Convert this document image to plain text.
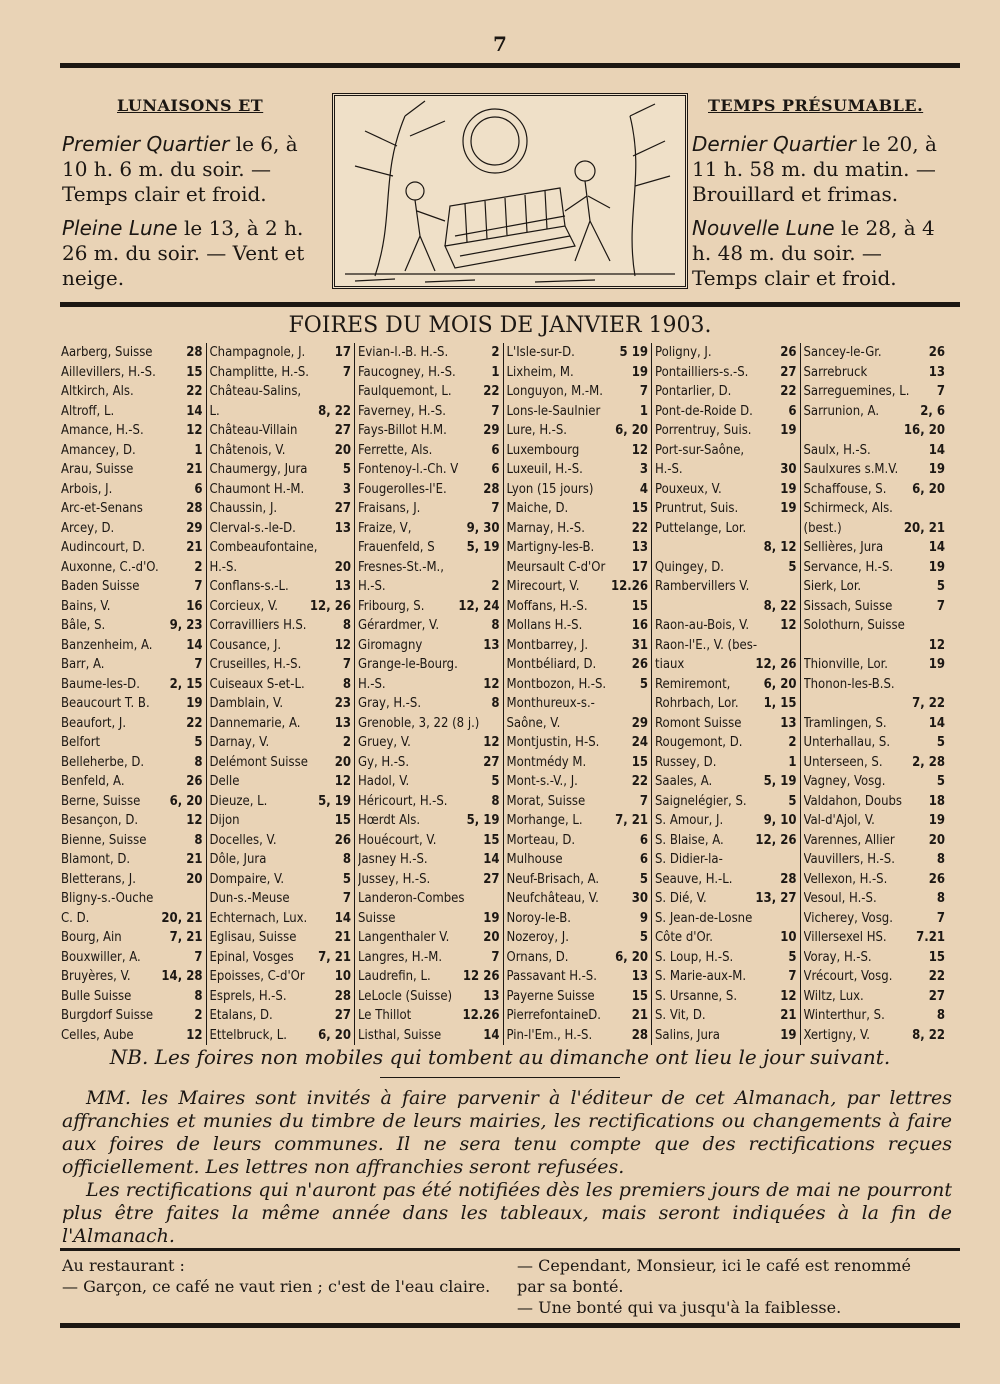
7
LUNAISONS ET	TEMPS PRÉSUMABLE.
Premier Quartier le 6, à 10 h. 6 m. du soir. — Temps clair et froid.
Pleine Lune le 13, à 2 h. 26 m. du soir. — Vent et neige.
Dernier Quartier le 20, à 11 h. 58 m. du matin. — Brouillard et frimas.
Nouvelle Lune le 28, à 4 h. 48 m. du soir. — Temps clair et froid.
FOIRES DU MOIS DE JANVIER 1903.
Aarberg, Suisse	28
Aillevillers, H.-S.	15
Altkirch, Als.	22
Altroff, L.	14
Amance, H.-S.	12
Amancey, D.	1
Arau, Suisse	21
Arbois, J.	6
Arc-et-Senans	28
Arcey, D.	29
Audincourt, D.	21
Auxonne, C.-d'O.	2
Baden Suisse	7
Bains, V.	16
Bâle, S.	9, 23
Banzenheim, A.	14
Barr, A.	7
Baume-les-D.	2, 15
Beaucourt T. B.	19
Beaufort, J.	22
Belfort	5
Belleherbe, D.	8
Benfeld, A.	26
Berne, Suisse	6, 20
Besançon, D.	12
Bienne, Suisse	8
Blamont, D.	21
Bletterans, J.	20
Bligny-s.-Ouche
C. D.	20, 21
Bourg, Ain	7, 21
Bouxwiller, A.	7
Bruyères, V.	14, 28
Bulle Suisse	8
Burgdorf Suisse	2
Celles, Aube	12
Champagnole, J.	17
Champlitte, H.-S.	7
Château-Salins,
L.	8, 22
Château-Villain	27
Châtenois, V.	20
Chaumergy, Jura	5
Chaumont H.-M.	3
Chaussin, J.	27
Clerval-s.-le-D.	13
Combeaufontaine,
H.-S.	20
Conflans-s.-L.	13
Corcieux, V.	12, 26
Corravilliers H.S.	8
Cousance, J.	12
Cruseilles, H.-S.	7
Cuiseaux S-et-L.	8
Damblain, V.	23
Dannemarie, A.	13
Darnay, V.	2
Delémont Suisse	20
Delle	12
Dieuze, L.	5, 19
Dijon	15
Docelles, V.	26
Dôle, Jura	8
Dompaire, V.	5
Dun-s.-Meuse	7
Echternach, Lux.	14
Eglisau, Suisse	21
Epinal, Vosges	7, 21
Epoisses, C-d'Or	10
Esprels, H.-S.	28
Etalans, D.	27
Ettelbruck, L.	6, 20
Evian-l.-B. H.-S.	2
Faucogney, H.-S.	1
Faulquemont, L.	22
Faverney, H.-S.	7
Fays-Billot H.M.	29
Ferrette, Als.	6
Fontenoy-l.-Ch. V	6
Fougerolles-l'E.	28
Fraisans, J.	7
Fraize, V,	9, 30
Frauenfeld, S	5, 19
Fresnes-St.-M.,
H.-S.	2
Fribourg, S.	12, 24
Gérardmer, V.	8
Giromagny	13
Grange-le-Bourg.
H.-S.	12
Gray, H.-S.	8
Grenoble, 3, 22 (8 j.)
Gruey, V.	12
Gy, H.-S.	27
Hadol, V.	5
Héricourt, H.-S.	8
Hœrdt Als.	5, 19
Houécourt, V.	15
Jasney H.-S.	14
Jussey, H.-S.	27
Landeron-Combes
Suisse	19
Langenthaler V.	20
Langres, H.-M.	7
Laudrefin, L.	12 26
LeLocle (Suisse)	13
Le Thillot	12.26
Listhal, Suisse	14
L'Isle-sur-D.	5 19
Lixheim, M.	19
Longuyon, M.-M.	7
Lons-le-Saulnier	1
Lure, H.-S.	6, 20
Luxembourg	12
Luxeuil, H.-S.	3
Lyon (15 jours)	4
Maiche, D.	15
Marnay, H.-S.	22
Martigny-les-B.	13
Meursault C-d'Or	17
Mirecourt, V.	12.26
Moffans, H.-S.	15
Mollans H.-S.	16
Montbarrey, J.	31
Montbéliard, D.	26
Montbozon, H.-S.	5
Monthureux-s.-
Saône, V.	29
Montjustin, H-S.	24
Montmédy M.	15
Mont-s.-V., J.	22
Morat, Suisse	7
Morhange, L.	7, 21
Morteau, D.	6
Mulhouse	6
Neuf-Brisach, A.	5
Neufchâteau, V.	30
Noroy-le-B.	9
Nozeroy, J.	5
Ornans, D.	6, 20
Passavant H.-S.	13
Payerne Suisse	15
PierrefontaineD.	21
Pin-l'Em., H.-S.	28
Poligny, J.	26
Pontailliers-s.-S.	27
Pontarlier, D.	22
Pont-de-Roide D.	6
Porrentruy, Suis.	19
Port-sur-Saône,
H.-S.	30
Pouxeux, V.	19
Pruntrut, Suis.	19
Puttelange, Lor.
8, 12
Quingey, D.	5
Rambervillers V.
8, 22
Raon-au-Bois, V.	12
Raon-l'E., V. (bes-
tiaux	12, 26
Remiremont,	6, 20
Rohrbach, Lor.	1, 15
Romont Suisse	13
Rougemont, D.	2
Russey, D.	1
Saales, A.	5, 19
Saignelégier, S.	5
S. Amour, J.	9, 10
S. Blaise, A.	12, 26
S. Didier-la-
Seauve, H.-L.	28
S. Dié, V.	13, 27
S. Jean-de-Losne
Côte d'Or.	10
S. Loup, H.-S.	5
S. Marie-aux-M.	7
S. Ursanne, S.	12
S. Vit, D.	21
Salins, Jura	19
Sancey-le-Gr.	26
Sarrebruck	13
Sarreguemines, L.	7
Sarrunion, A.	2, 6
16, 20
Saulx, H.-S.	14
Saulxures s.M.V.	19
Schaffouse, S.	6, 20
Schirmeck, Als.
(best.)	20, 21
Sellières, Jura	14
Servance, H.-S.	19
Sierk, Lor.	5
Sissach, Suisse	7
Solothurn, Suisse
12
Thionville, Lor.	19
Thonon-les-B.S.
7, 22
Tramlingen, S.	14
Unterhallau, S.	5
Unterseen, S.	2, 28
Vagney, Vosg.	5
Valdahon, Doubs	18
Val-d'Ajol, V.	19
Varennes, Allier	20
Vauvillers, H.-S.	8
Vellexon, H.-S.	26
Vesoul, H.-S.	8
Vicherey, Vosg.	7
Villersexel HS.	7.21
Voray, H.-S.	15
Vrécourt, Vosg.	22
Wiltz, Lux.	27
Winterthur, S.	8
Xertigny, V.	8, 22
NB. Les foires non mobiles qui tombent au dimanche ont lieu le jour suivant.

MM. les Maires sont invités à faire parvenir à l'éditeur de cet Almanach, par lettres affranchies et munies du timbre de leurs mairies, les rectifications ou changements à faire aux foires de leurs communes. Il ne sera tenu compte que des rectifications reçues officiellement. Les lettres non affranchies seront refusées.

Les rectifications qui n'auront pas été notifiées dès les premiers jours de mai ne pourront plus être faites la même année dans les tableaux, mais seront indiquées à la fin de l'Almanach.

Au restaurant :

— Garçon, ce café ne vaut rien ; c'est de l'eau claire.

— Cependant, Monsieur, ici le café est renommé par sa bonté.

— Une bonté qui va jusqu'à la faiblesse.
